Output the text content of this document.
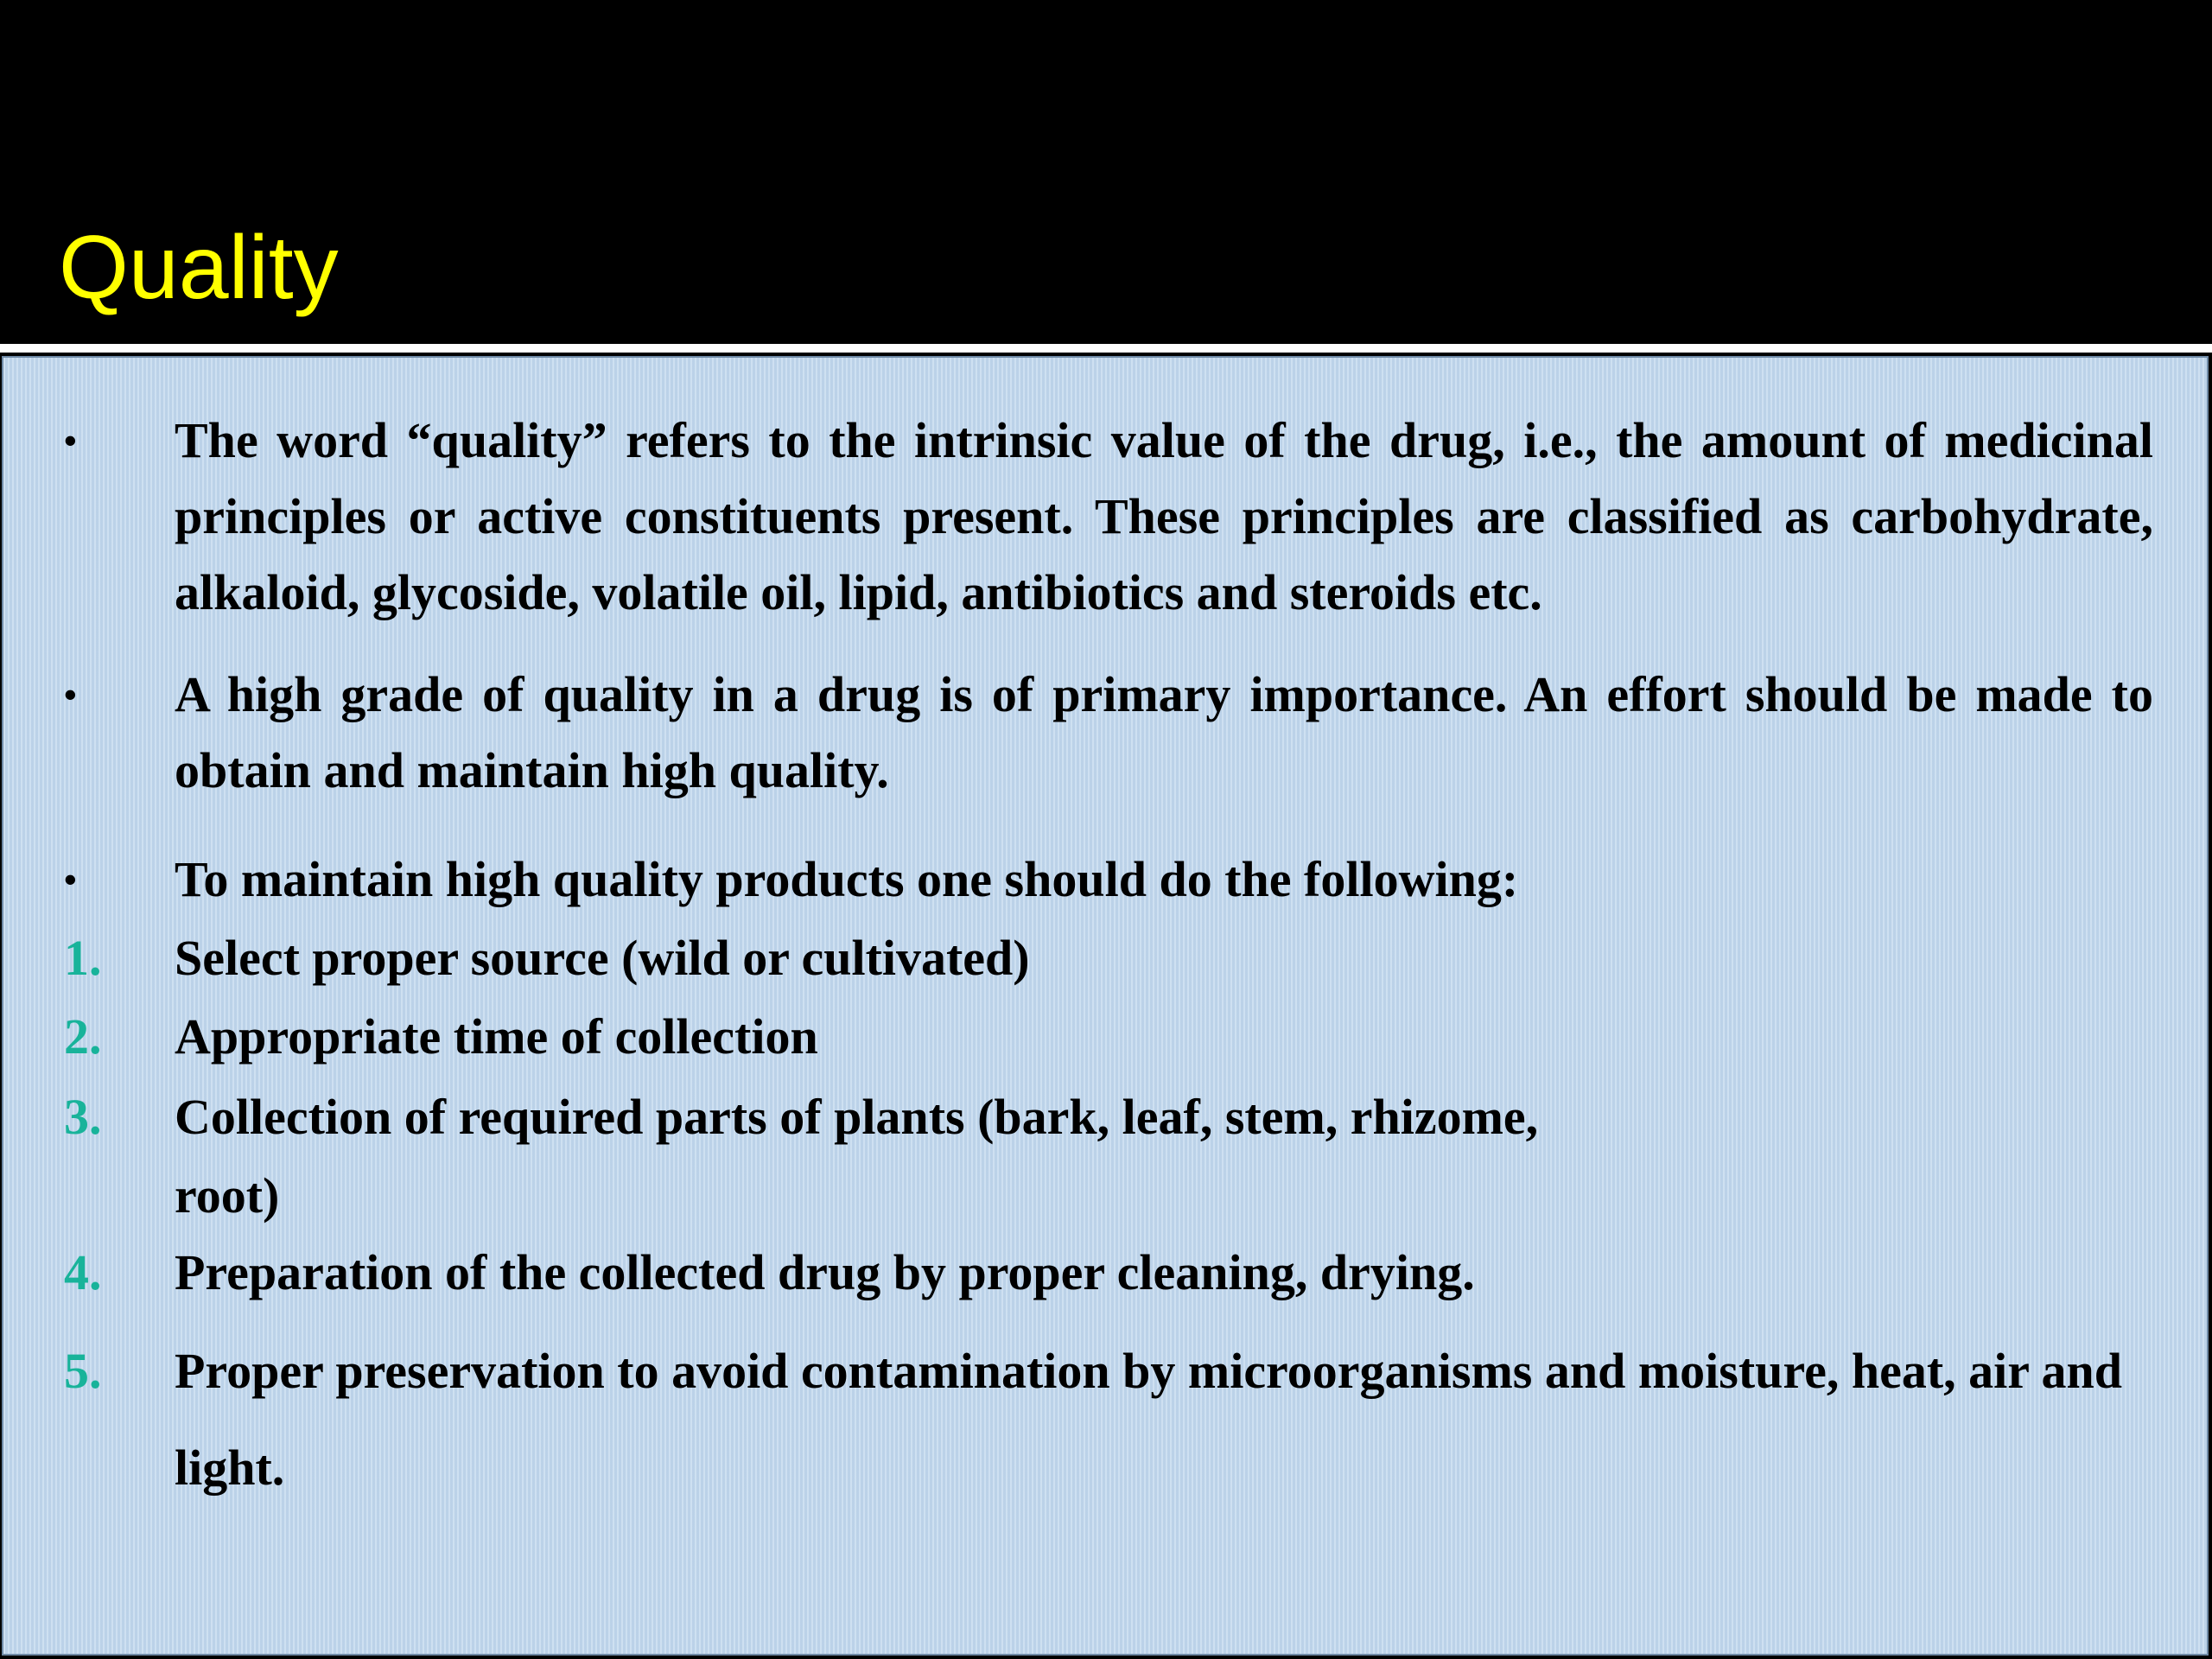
Quality
•	The word “quality” refers to the intrinsic value of the drug, i.e., the amount of medicinal principles or active constituents present. These principles are classified as carbohydrate, alkaloid, glycoside, volatile oil, lipid, antibiotics and steroids etc.

•	A high grade of quality in a drug is of primary importance. An effort should be made to obtain and maintain high quality.

•	To maintain high quality products one should do the following:

1.	Select proper source (wild or cultivated)

2.	Appropriate time of collection

3.	Collection of required parts of plants (bark, leaf, stem, rhizome,
root)

4.	Preparation of the collected drug by proper cleaning, drying.

5.	Proper preservation to avoid contamination by microorganisms and moisture, heat, air and light.
